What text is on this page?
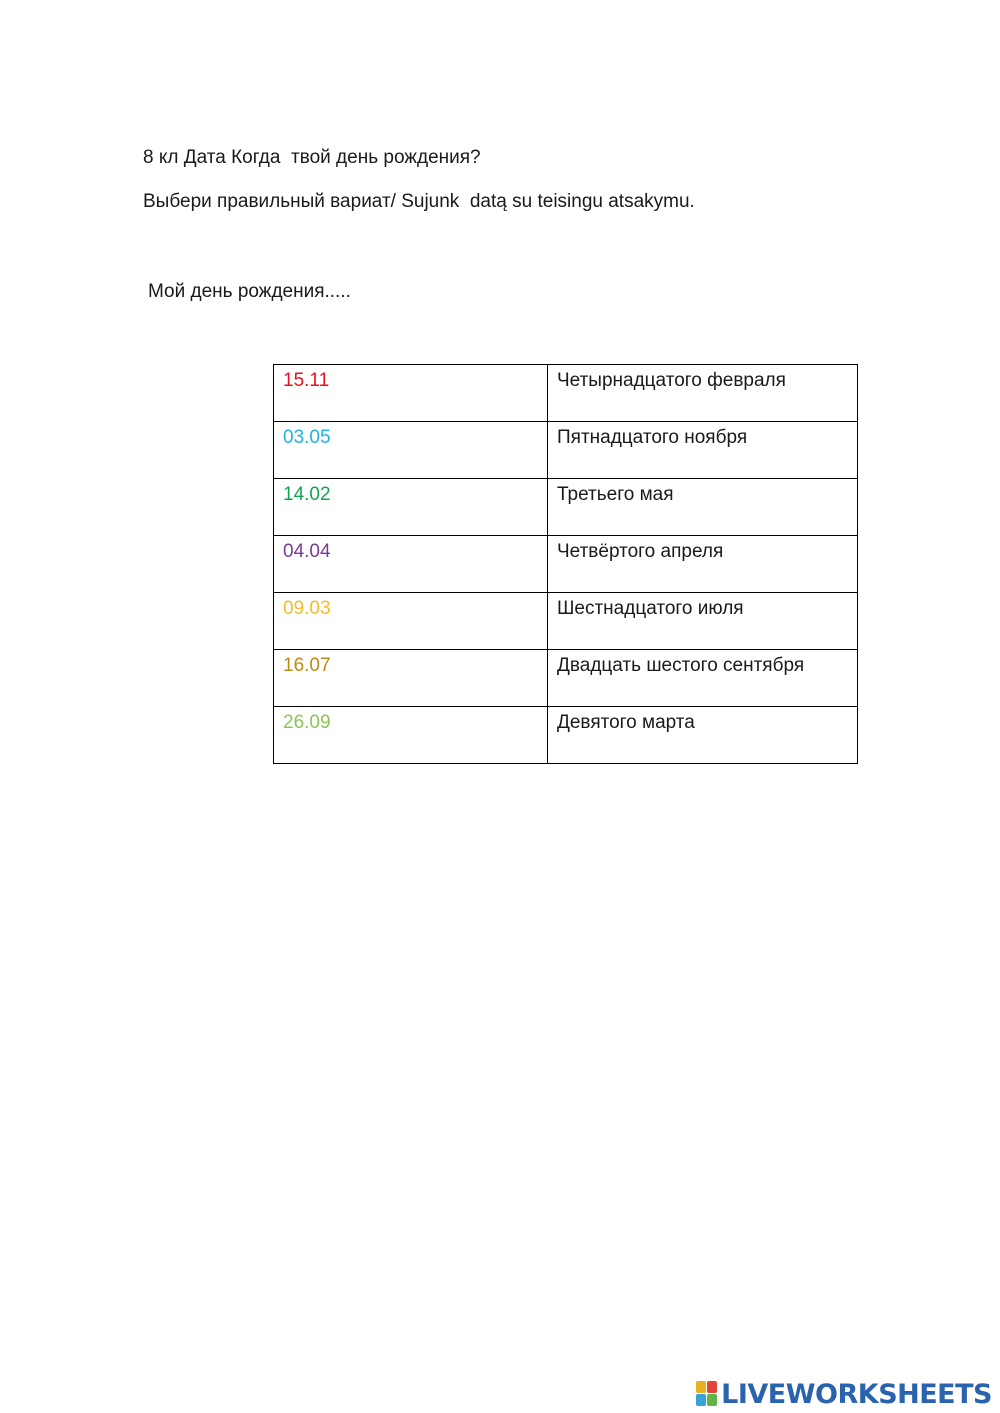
8 кл Дата Когда  твой день рождения?
Выбери правильный вариат/ Sujunk  datą su teisingu atsakymu.
Мой день рождения.....
15.11	Четырнадцатого февраля
03.05	Пятнадцатого ноября
14.02	Третьего мая
04.04	Четвёртого апреля
09.03	Шестнадцатого июля
16.07	Двадцать шестого сентября
26.09	Девятого марта
LIVEWORKSHEETS
